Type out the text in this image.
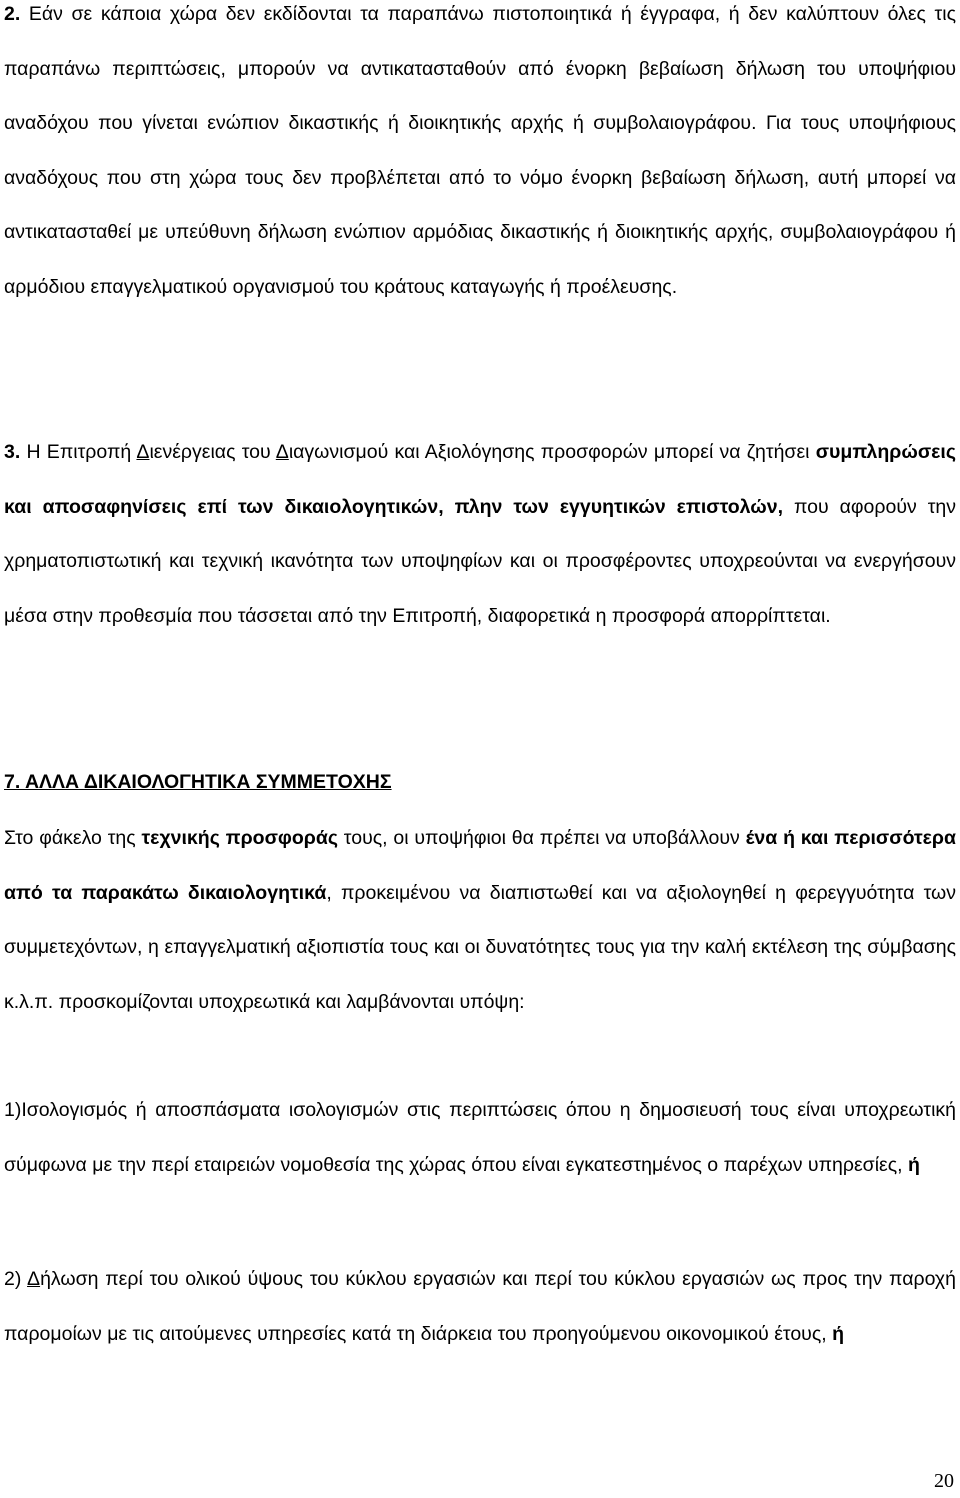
2. Εάν σε κάποια χώρα δεν εκδίδονται τα παραπάνω πιστοποιητικά ή έγγραφα, ή δεν καλύπτουν όλες τις παραπάνω περιπτώσεις, μπορούν να αντικατασταθούν από ένορκη βεβαίωση δήλωση του υποψήφιου αναδόχου που γίνεται ενώπιον δικαστικής ή διοικητικής αρχής ή συμβολαιογράφου. Για τους υποψήφιους αναδόχους που στη χώρα τους δεν προβλέπεται από το νόμο ένορκη βεβαίωση δήλωση, αυτή μπορεί να αντικατασταθεί με υπεύθυνη δήλωση ενώπιον αρμόδιας δικαστικής ή διοικητικής αρχής, συμβολαιογράφου ή αρμόδιου επαγγελματικού οργανισμού του κράτους καταγωγής ή προέλευσης.

3. Η Επιτροπή Διενέργειας του Διαγωνισμού και Αξιολόγησης προσφορών μπορεί να ζητήσει συμπληρώσεις και αποσαφηνίσεις επί των δικαιολογητικών, πλην των εγγυητικών επιστολών, που αφορούν την χρηματοπιστωτική και τεχνική ικανότητα των υποψηφίων και οι προσφέροντες υποχρεούνται να ενεργήσουν μέσα στην προθεσμία που τάσσεται από την Επιτροπή, διαφορετικά η προσφορά απορρίπτεται.

7. ΑΛΛΑ ΔΙΚΑΙΟΛΟΓΗΤΙΚΑ ΣΥΜΜΕΤΟΧΗΣ

Στο φάκελο της τεχνικής προσφοράς τους, οι υποψήφιοι θα πρέπει να υποβάλλουν ένα ή και περισσότερα από τα παρακάτω δικαιολογητικά, προκειμένου να διαπιστωθεί και να αξιολογηθεί η φερεγγυότητα των συμμετεχόντων, η επαγγελματική αξιοπιστία τους και οι δυνατότητες τους για την καλή εκτέλεση της σύμβασης κ.λ.π. προσκομίζονται υποχρεωτικά και λαμβάνονται υπόψη:

1)Ισολογισμός ή αποσπάσματα ισολογισμών στις περιπτώσεις όπου η δημοσιευσή τους είναι υποχρεωτική σύμφωνα με την περί εταιρειών νομοθεσία της χώρας όπου είναι εγκατεστημένος ο παρέχων υπηρεσίες, ή

2) Δήλωση περί του ολικού ύψους του κύκλου εργασιών και περί του κύκλου εργασιών ως προς την παροχή παρομοίων με τις αιτούμενες υπηρεσίες κατά τη διάρκεια του προηγούμενου οικονομικού έτους, ή

20
